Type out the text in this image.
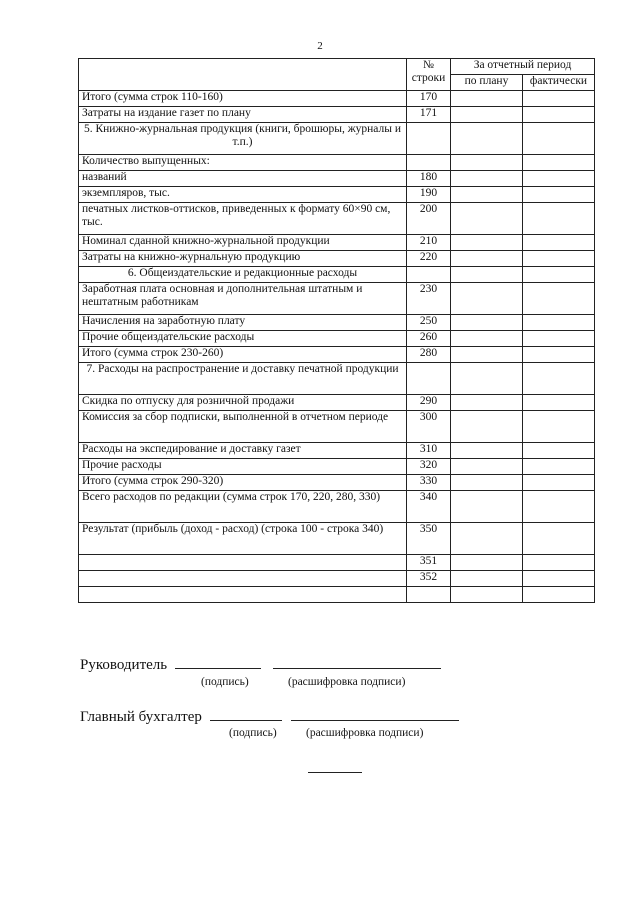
2
	№
строки	За отчетный период	
		по плану	фактически
Итого (сумма строк 110-160)	170		
Затраты на издание газет по плану	171		
5. Книжно-журнальная продукция (книги, брошюры, журналы и т.п.)			
Количество выпущенных:			
названий	180		
экземпляров, тыс.	190		
печатных листков-оттисков, приведенных к формату 60×90 см, тыс.	200		
Номинал сданной книжно-журнальной продукции	210		
Затраты на книжно-журнальную продукцию	220		
6. Общеиздательские и редакционные расходы			
Заработная плата основная и дополнительная штатным и нештатным работникам	230		
Начисления на заработную плату	250		
Прочие общеиздательские расходы	260		
Итого (сумма строк 230-260)	280		
7. Расходы на распространение и доставку печатной продукции			
Скидка по отпуску для розничной продажи	290		
Комиссия за сбор подписки, выполненной в отчетном периоде	300		
Расходы на экспедирование и доставку газет	310		
Прочие расходы	320		
Итого (сумма строк 290-320)	330		
Всего расходов по редакции (сумма строк 170, 220, 280, 330)	340		
Результат (прибыль (доход - расход) (строка 100 - строка 340)	350		
	351		
	352		

Руководитель
(подпись)	(расшифровка подписи)
Главный бухгалтер
(подпись)	(расшифровка подписи)
